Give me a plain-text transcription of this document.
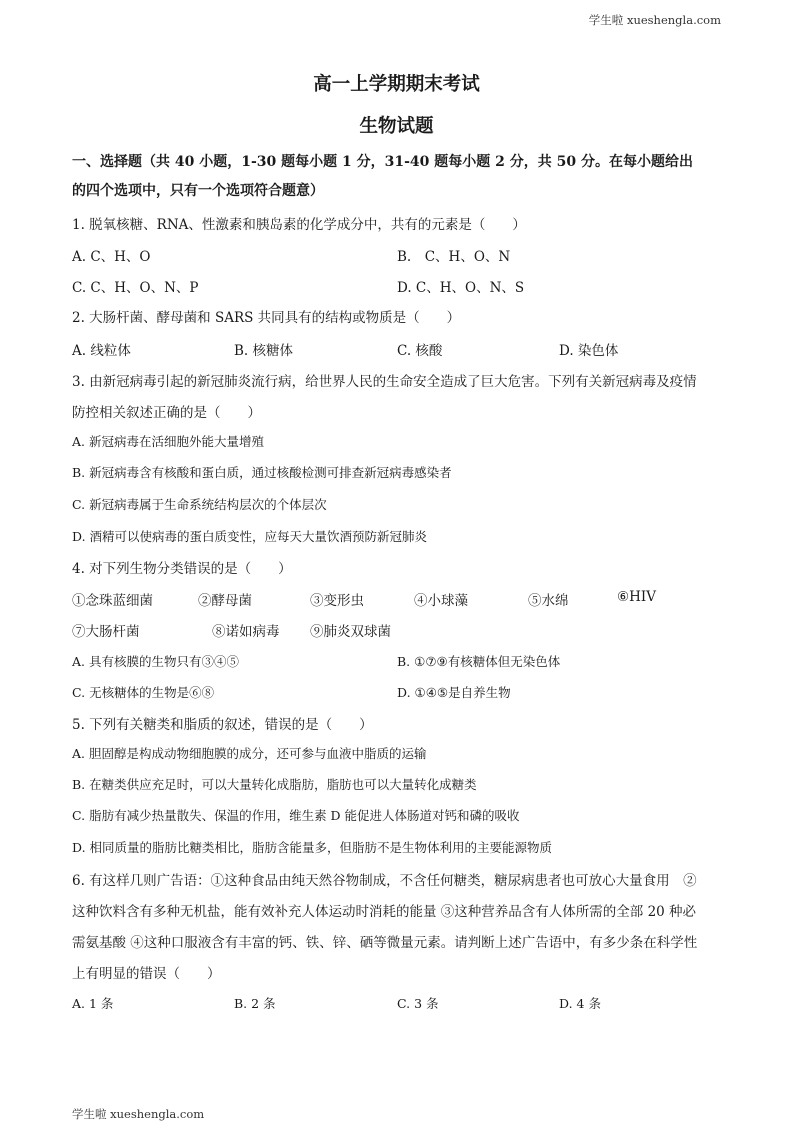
学生啦 xueshengla.com
高一上学期期末考试
生物试题
一、选择题（共 40 小题，1-30 题每小题 1 分，31-40 题每小题 2 分，共 50 分。在每小题给出
的四个选项中，只有一个选项符合题意）
1. 脱氧核糖、RNA、性激素和胰岛素的化学成分中，共有的元素是（　　）
A. C、H、O	B.　C、H、O、N
C. C、H、O、N、P	D. C、H、O、N、S
2. 大肠杆菌、酵母菌和 SARS 共同具有的结构或物质是（　　）
A. 线粒体	B. 核糖体	C. 核酸	D. 染色体
3. 由新冠病毒引起的新冠肺炎流行病，给世界人民的生命安全造成了巨大危害。下列有关新冠病毒及疫情
防控相关叙述正确的是（　　）
A. 新冠病毒在活细胞外能大量增殖
B. 新冠病毒含有核酸和蛋白质，通过核酸检测可排查新冠病毒感染者
C. 新冠病毒属于生命系统结构层次的个体层次
D. 酒精可以使病毒的蛋白质变性，应每天大量饮酒预防新冠肺炎
4. 对下列生物分类错误的是（　　）
①念珠蓝细菌	②酵母菌	③变形虫	④小球藻	⑤水绵	⑥HIV
⑦大肠杆菌	⑧诺如病毒 ⑨肺炎双球菌
A. 具有核膜的生物只有③④⑤	B. ①⑦⑨有核糖体但无染色体
C. 无核糖体的生物是⑥⑧	D. ①④⑤是自养生物
5. 下列有关糖类和脂质的叙述，错误的是（　　）
A. 胆固醇是构成动物细胞膜的成分，还可参与血液中脂质的运输
B. 在糖类供应充足时，可以大量转化成脂肪，脂肪也可以大量转化成糖类
C. 脂肪有减少热量散失、保温的作用，维生素 D 能促进人体肠道对钙和磷的吸收
D. 相同质量的脂肪比糖类相比，脂肪含能量多，但脂肪不是生物体利用的主要能源物质
6. 有这样几则广告语：①这种食品由纯天然谷物制成，不含任何糖类，糖尿病患者也可放心大量食用　②
这种饮料含有多种无机盐，能有效补充人体运动时消耗的能量 ③这种营养品含有人体所需的全部 20 种必
需氨基酸 ④这种口服液含有丰富的钙、铁、锌、硒等微量元素。请判断上述广告语中，有多少条在科学性
上有明显的错误（　　）
A. 1 条	B. 2 条	C. 3 条	D. 4 条
学生啦 xueshengla.com
